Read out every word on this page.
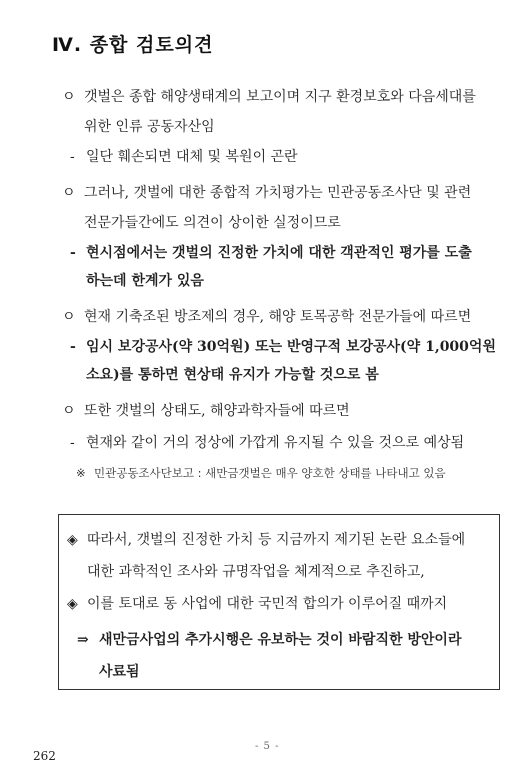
Ⅳ. 종합 검토의견
ㅇ 갯벌은 종합 해양생태계의 보고이며 지구 환경보호와 다음세대를
위한 인류 공동자산임
- 일단 훼손되면 대체 및 복원이 곤란
ㅇ 그러나, 갯벌에 대한 종합적 가치평가는 민관공동조사단 및 관련
전문가들간에도 의견이 상이한 실정이므로
- 현시점에서는 갯벌의 진정한 가치에 대한 객관적인 평가를 도출
하는데 한계가 있음
ㅇ 현재 기축조된 방조제의 경우, 해양 토목공학 전문가들에 따르면
- 임시 보강공사(약 30억원) 또는 반영구적 보강공사(약 1,000억원
소요)를 통하면 현상태 유지가 가능할 것으로 봄
ㅇ 또한 갯벌의 상태도, 해양과학자들에 따르면
- 현재와 같이 거의 정상에 가깝게 유지될 수 있을 것으로 예상됨
※ 민관공동조사단보고 : 새만금갯벌은 매우 양호한 상태를 나타내고 있음
◈ 따라서, 갯벌의 진정한 가치 등 지금까지 제기된 논란 요소들에
대한 과학적인 조사와 규명작업을 체계적으로 추진하고,
◈ 이를 토대로 동 사업에 대한 국민적 합의가 이루어질 때까지
⇒ 새만금사업의 추가시행은 유보하는 것이 바람직한 방안이라
사료됨
- 5 -
262
